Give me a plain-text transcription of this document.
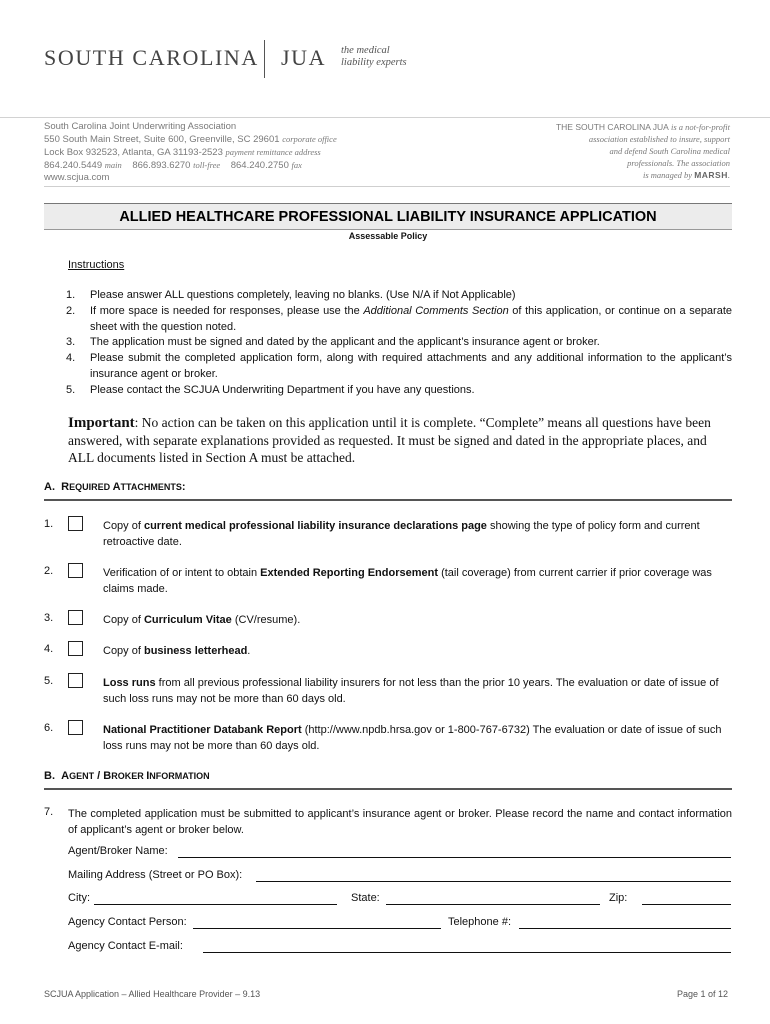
SOUTH CAROLINA JUA the medical
liability experts
South Carolina Joint Underwriting Association
550 South Main Street, Suite 600, Greenville, SC 29601 corporate office
Lock Box 932523, Atlanta, GA 31193-2523 payment remittance address
864.240.5449 main 866.893.6270 toll-free 864.240.2750 fax
www.scjua.com
THE SOUTH CAROLINA JUA is a not-for-profit
association established to insure, support
and defend South Carolina medical
professionals. The association
is managed by MARSH.
ALLIED HEALTHCARE PROFESSIONAL LIABILITY INSURANCE APPLICATION
Assessable Policy
Instructions
1.	Please answer ALL questions completely, leaving no blanks. (Use N/A if Not Applicable)
2.	If more space is needed for responses, please use the Additional Comments Section of this application, or continue on a separate sheet with the question noted.
3.	The application must be signed and dated by the applicant and the applicant’s insurance agent or broker.
4.	Please submit the completed application form, along with required attachments and any additional information to the applicant’s insurance agent or broker.
5.	Please contact the SCJUA Underwriting Department if you have any questions.
Important: No action can be taken on this application until it is complete. “Complete” means all questions have been answered, with separate explanations provided as requested. It must be signed and dated in the appropriate places, and ALL documents listed in Section A must be attached.
A. REQUIRED ATTACHMENTS:
1.	Copy of current medical professional liability insurance declarations page showing the type of policy form and current retroactive date.
2.	Verification of or intent to obtain Extended Reporting Endorsement (tail coverage) from current carrier if prior coverage was claims made.
3.	Copy of Curriculum Vitae (CV/resume).
4.	Copy of business letterhead.
5.	Loss runs from all previous professional liability insurers for not less than the prior 10 years. The evaluation or date of issue of such loss runs may not be more than 60 days old.
6.	National Practitioner Databank Report (http://www.npdb.hrsa.gov or 1-800-767-6732) The evaluation or date of issue of such loss runs may not be more than 60 days old.
B. AGENT / BROKER INFORMATION
7. The completed application must be submitted to applicant’s insurance agent or broker. Please record the name and contact information of applicant’s agent or broker below.
Agent/Broker Name:
Mailing Address (Street or PO Box):
City:	State:	Zip:
Agency Contact Person:	Telephone #:
Agency Contact E-mail:
SCJUA Application – Allied Healthcare Provider – 9.13	Page 1 of 12
